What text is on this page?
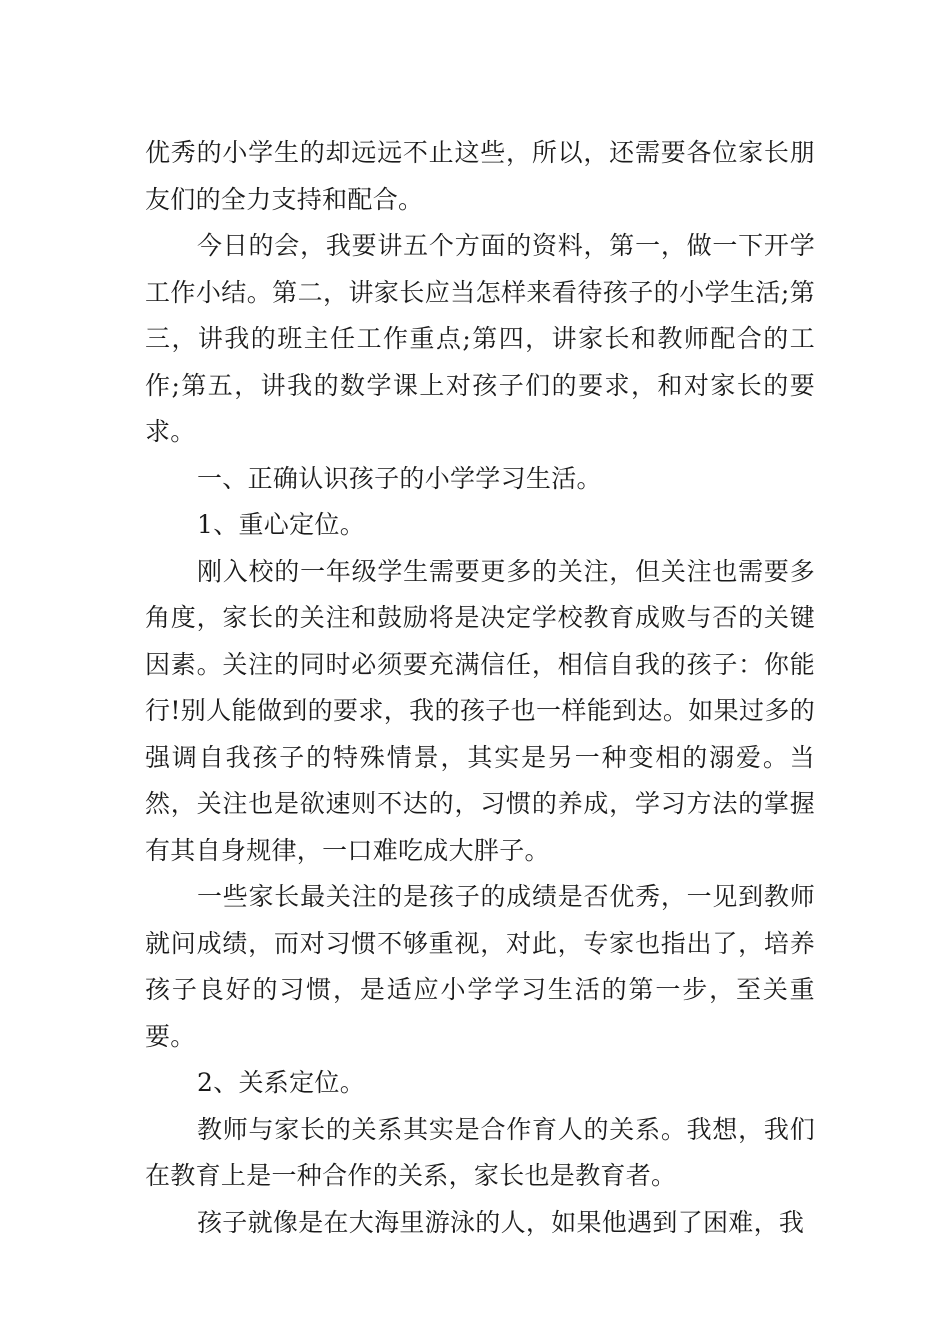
优秀的小学生的却远远不止这些，所以，还需要各位家长朋友们的全力支持和配合。

今日的会，我要讲五个方面的资料，第一，做一下开学工作小结。第二，讲家长应当怎样来看待孩子的小学生活;第三，讲我的班主任工作重点;第四，讲家长和教师配合的工作;第五，讲我的数学课上对孩子们的要求，和对家长的要求。

一、正确认识孩子的小学学习生活。

1、重心定位。

刚入校的一年级学生需要更多的关注，但关注也需要多角度，家长的关注和鼓励将是决定学校教育成败与否的关键因素。关注的同时必须要充满信任，相信自我的孩子：你能行!别人能做到的要求，我的孩子也一样能到达。如果过多的强调自我孩子的特殊情景，其实是另一种变相的溺爱。当然，关注也是欲速则不达的，习惯的养成，学习方法的掌握有其自身规律，一口难吃成大胖子。

一些家长最关注的是孩子的成绩是否优秀，一见到教师就问成绩，而对习惯不够重视，对此，专家也指出了，培养孩子良好的习惯，是适应小学学习生活的第一步，至关重要。

2、关系定位。

教师与家长的关系其实是合作育人的关系。我想，我们在教育上是一种合作的关系，家长也是教育者。

孩子就像是在大海里游泳的人，如果他遇到了困难，我
